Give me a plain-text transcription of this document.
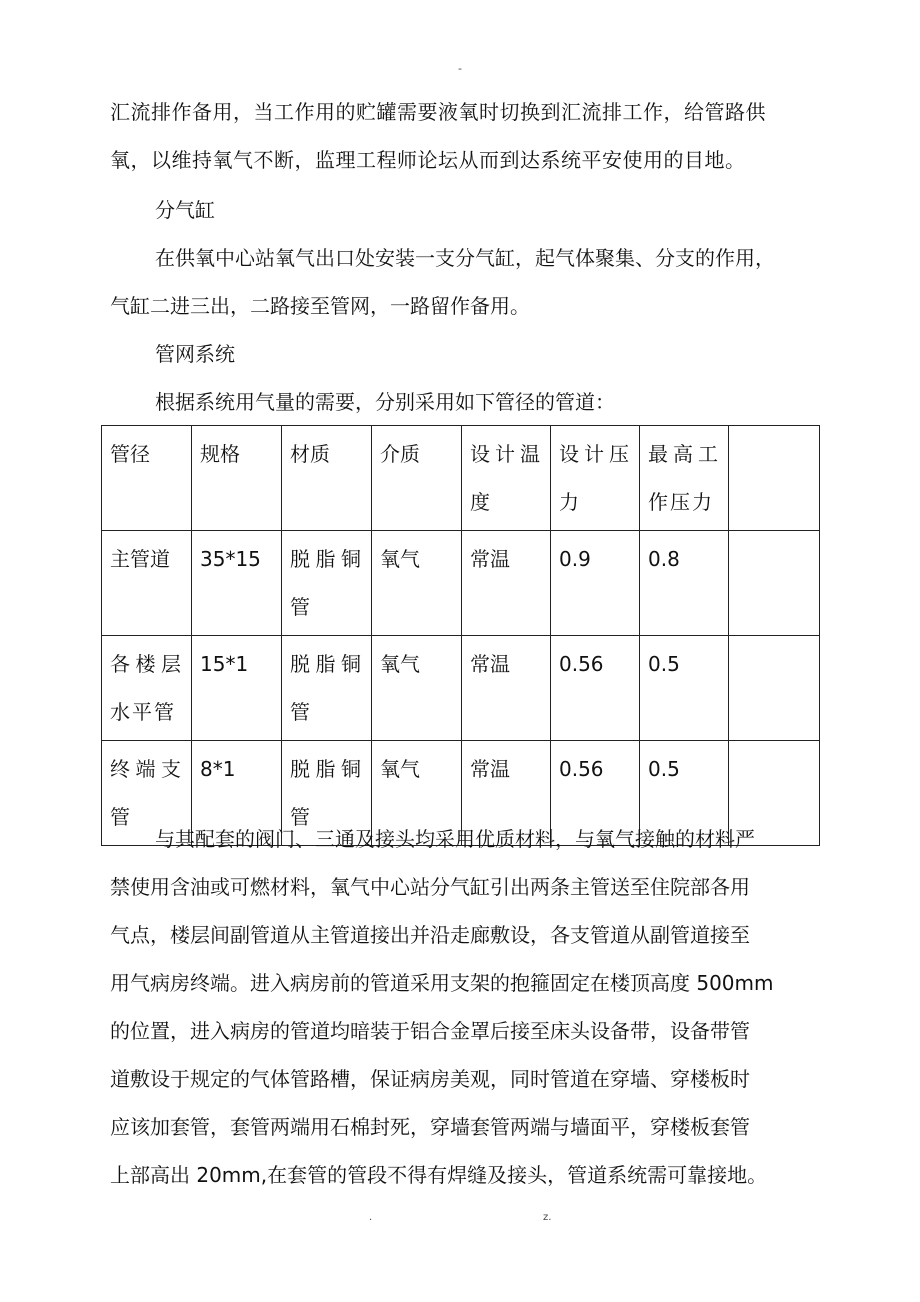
-

汇流排作备用，当工作用的贮罐需要液氧时切换到汇流排工作，给管路供

氧，以维持氧气不断，监理工程师论坛从而到达系统平安使用的目地。

分气缸
在供氧中心站氧气出口处安装一支分气缸，起气体聚集、分支的作用，
气缸二进三出，二路接至管网，一路留作备用。
管网系统
根据系统用气量的需要，分别采用如下管径的管道：
管径	规格	材质	介质	设计温度	设计压力	最高工作压力	
主管道	35*15	脱脂铜管	氧气	常温	0.9	0.8	
各楼层水平管	15*1	脱脂铜管	氧气	常温	0.56	0.5	
终端支管	8*1	脱脂铜管	氧气	常温	0.56	0.5	
与其配套的阀门、三通及接头均采用优质材料，与氧气接触的材料严
禁使用含油或可燃材料，氧气中心站分气缸引出两条主管送至住院部各用
气点，楼层间副管道从主管道接出并沿走廊敷设，各支管道从副管道接至
用气病房终端。进入病房前的管道采用支架的抱箍固定在楼顶高度 500mm
的位置，进入病房的管道均暗装于铝合金罩后接至床头设备带，设备带管
道敷设于规定的气体管路槽，保证病房美观，同时管道在穿墙、穿楼板时
应该加套管，套管两端用石棉封死，穿墙套管两端与墙面平，穿楼板套管
上部高出 20mm,在套管的管段不得有焊缝及接头，管道系统需可靠接地。
.	z.
